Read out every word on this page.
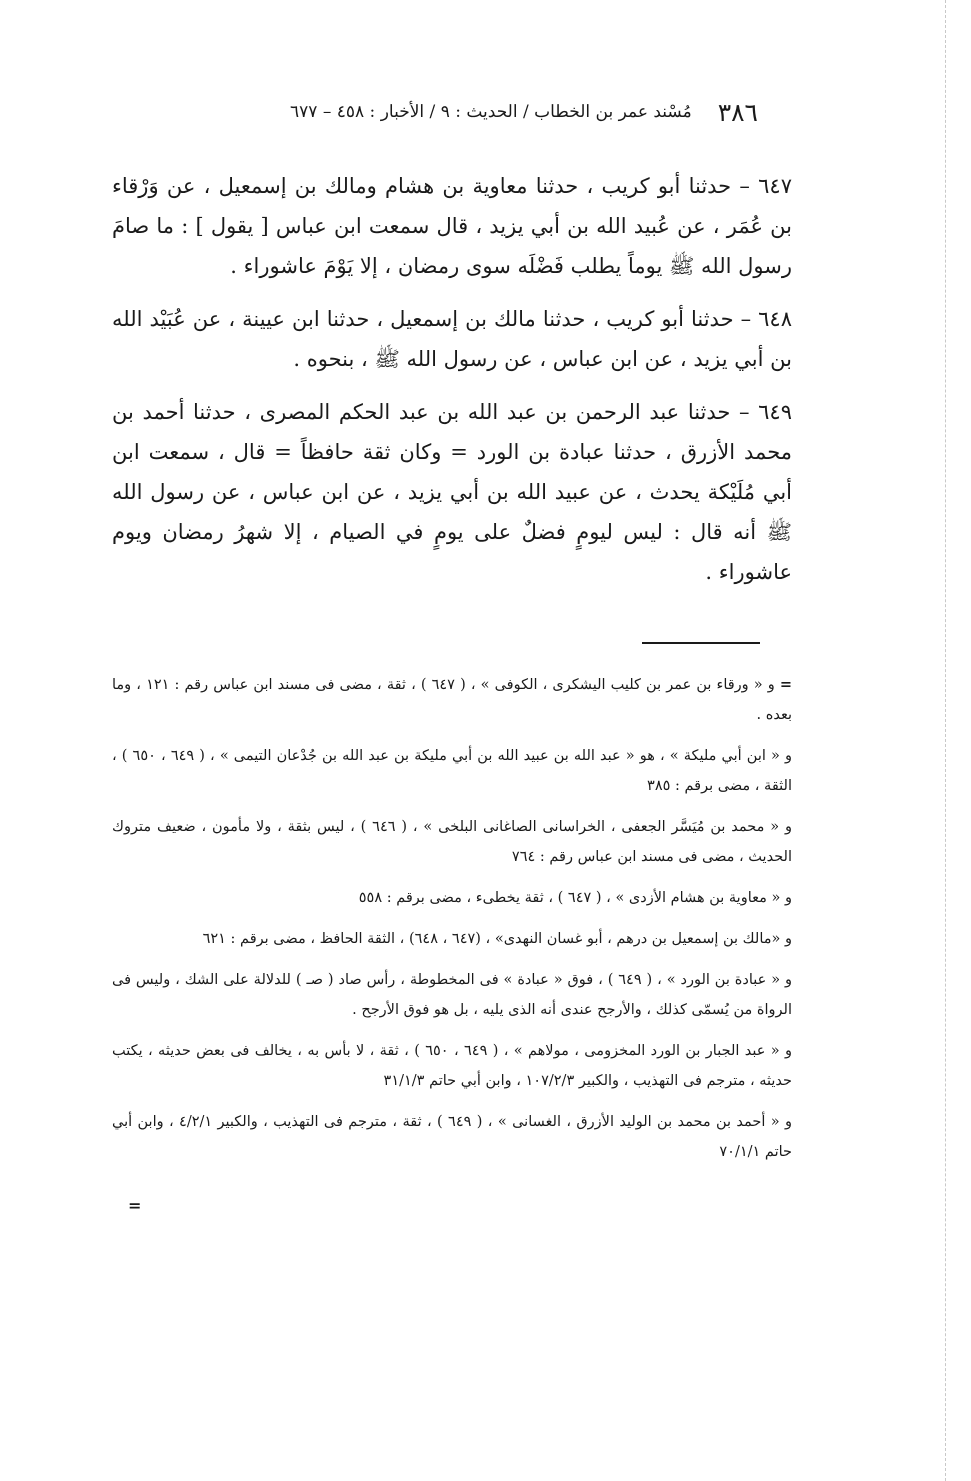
٣٨٦
مُسْند عمر بن الخطاب / الحديث : ٩ / الأخبار : ٤٥٨ – ٦٧٧

٦٤٧ – حدثنا أبو كريب ، حدثنا معاوية بن هشام ومالك بن إسمعيل ، عن وَرْقاء بن عُمَر ، عن عُبيد الله بن أبي يزيد ، قال سمعت ابن عباس [ يقول ] : ما صامَ رسول الله ﷺ يوماً يطلب فَضْلَه سوى رمضان ، إلا يَوْمَ عاشوراء .

٦٤٨ – حدثنا أبو كريب ، حدثنا مالك بن إسمعيل ، حدثنا ابن عيينة ، عن عُبَيْد الله بن أبي يزيد ، عن ابن عباس ، عن رسول الله ﷺ ، بنحوه .

٦٤٩ – حدثنا عبد الرحمن بن عبد الله بن عبد الحكم المصرى ، حدثنا أحمد بن محمد الأزرق ، حدثنا عبادة بن الورد = وكان ثقة حافظاً = قال ، سمعت ابن أبي مُلَيْكة يحدث ، عن عبيد الله بن أبي يزيد ، عن ابن عباس ، عن رسول الله ﷺ أنه قال : ليس ليومٍ فضلٌ على يومٍ في الصيام ، إلا شهرُ رمضان ويوم عاشوراء .

= و « ورقاء بن عمر بن كليب اليشكرى ، الكوفى » ، ( ٦٤٧ ) ، ثقة ، مضى فى مسند ابن عباس رقم : ١٢١ ، وما بعده .

و « ابن أبي مليكة » ، هو « عبد الله بن عبيد الله بن أبي مليكة بن عبد الله بن جُدْعان التيمى » ، ( ٦٤٩ ، ٦٥٠ ) ، الثقة ، مضى برقم : ٣٨٥

و « محمد بن مُيَسَّر الجعفى ، الخراسانى الصاغانى البلخى » ، ( ٦٤٦ ) ، ليس بثقة ، ولا مأمون ، ضعيف متروك الحديث ، مضى فى مسند ابن عباس رقم : ٧٦٤

و « معاوية بن هشام الأزدى » ، ( ٦٤٧ ) ، ثقة يخطىء ، مضى برقم : ٥٥٨

و «مالك بن إسمعيل بن درهم ، أبو غسان النهدى» ، (٦٤٧ ، ٦٤٨) ، الثقة الحافظ ، مضى برقم : ٦٢١

و « عبادة بن الورد » ، ( ٦٤٩ ) ، فوق « عبادة » فى المخطوطة ، رأس صاد ( صـ ) للدلالة على الشك ، وليس فى الرواة من يُسمّى كذلك ، والأرجح عندى أنه الذى يليه ، بل هو فوق الأرجح .

و « عبد الجبار بن الورد المخزومى ، مولاهم » ، ( ٦٤٩ ، ٦٥٠ ) ، ثقة ، لا بأس به ، يخالف فى بعض حديثه ، يكتب حديثه ، مترجم فى التهذيب ، والكبير ١٠٧/٢/٣ ، وابن أبي حاتم ٣١/١/٣

و « أحمد بن محمد بن الوليد الأزرق ، الغسانى » ، ( ٦٤٩ ) ، ثقة ، مترجم فى التهذيب ، والكبير ٤/٢/١ ، وابن أبي حاتم ٧٠/١/١

=
